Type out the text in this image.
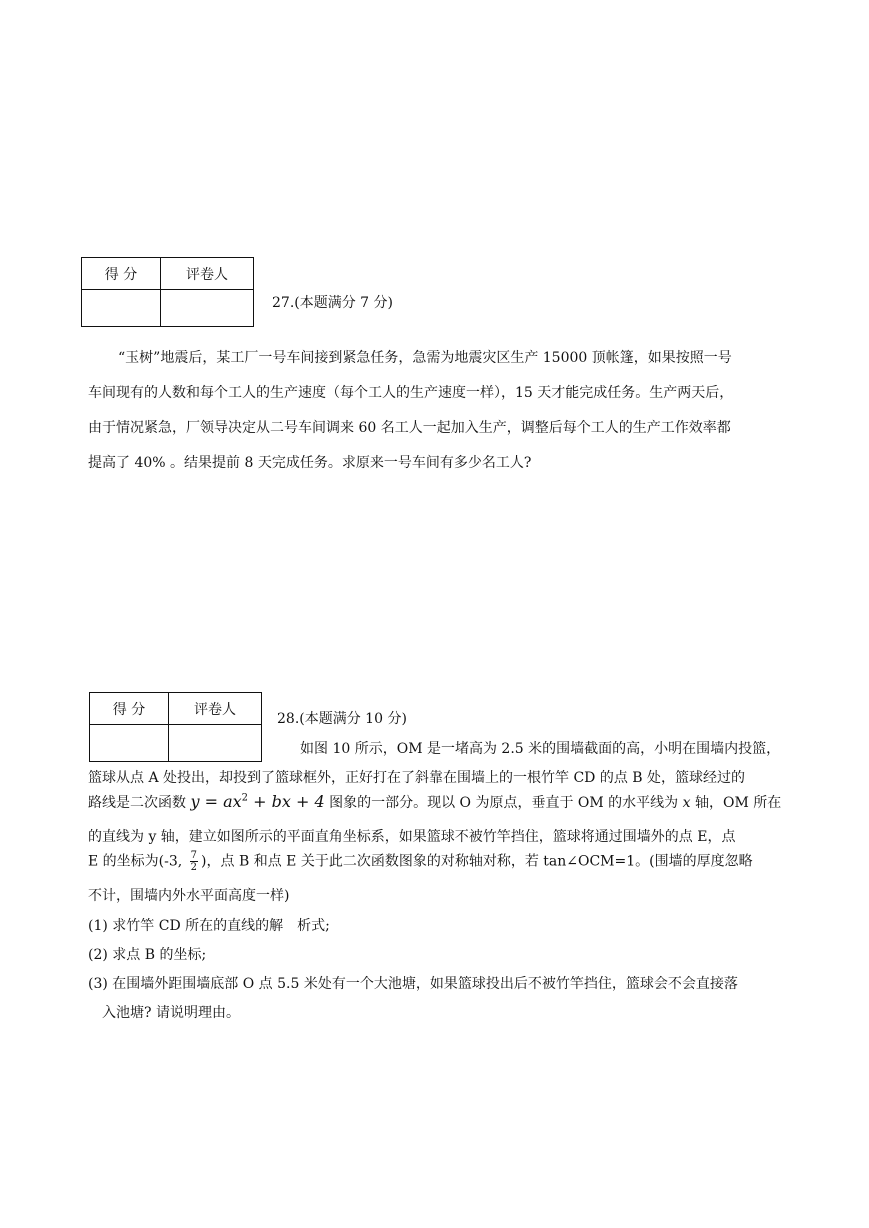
得 分	评卷人

27.(本题满分 7 分)
“玉树”地震后，某工厂一号车间接到紧急任务，急需为地震灾区生产 15000 顶帐篷，如果按照一号
车间现有的人数和每个工人的生产速度（每个工人的生产速度一样），15 天才能完成任务。生产两天后，
由于情况紧急，厂领导决定从二号车间调来 60 名工人一起加入生产，调整后每个工人的生产工作效率都
提高了 40% 。结果提前 8 天完成任务。求原来一号车间有多少名工人?
得 分	评卷人

28.(本题满分 10 分)
如图 10 所示，OM 是一堵高为 2.5 米的围墙截面的高，小明在围墙内投篮，
篮球从点 A 处投出，却投到了篮球框外，正好打在了斜靠在围墙上的一根竹竿 CD 的点 B 处，篮球经过的
路线是二次函数 $y = ax^2$ + bx + 4 图象的一部分。现以 O 为原点，垂直于 OM 的水平线为 x 轴，OM 所在
的直线为 y 轴，建立如图所示的平面直角坐标系，如果篮球不被竹竿挡住，篮球将通过围墙外的点 E，点
E 的坐标为(-3, $\frac{7}{2}$ )，点 B 和点 E 关于此二次函数图象的对称轴对称，若 tan∠OCM=1。(围墙的厚度忽略
不计，围墙内外水平面高度一样)
(1) 求竹竿 CD 所在的直线的解　析式;
(2) 求点 B 的坐标;
(3) 在围墙外距围墙底部 O 点 5.5 米处有一个大池塘，如果篮球投出后不被竹竿挡住，篮球会不会直接落
　入池塘? 请说明理由。
